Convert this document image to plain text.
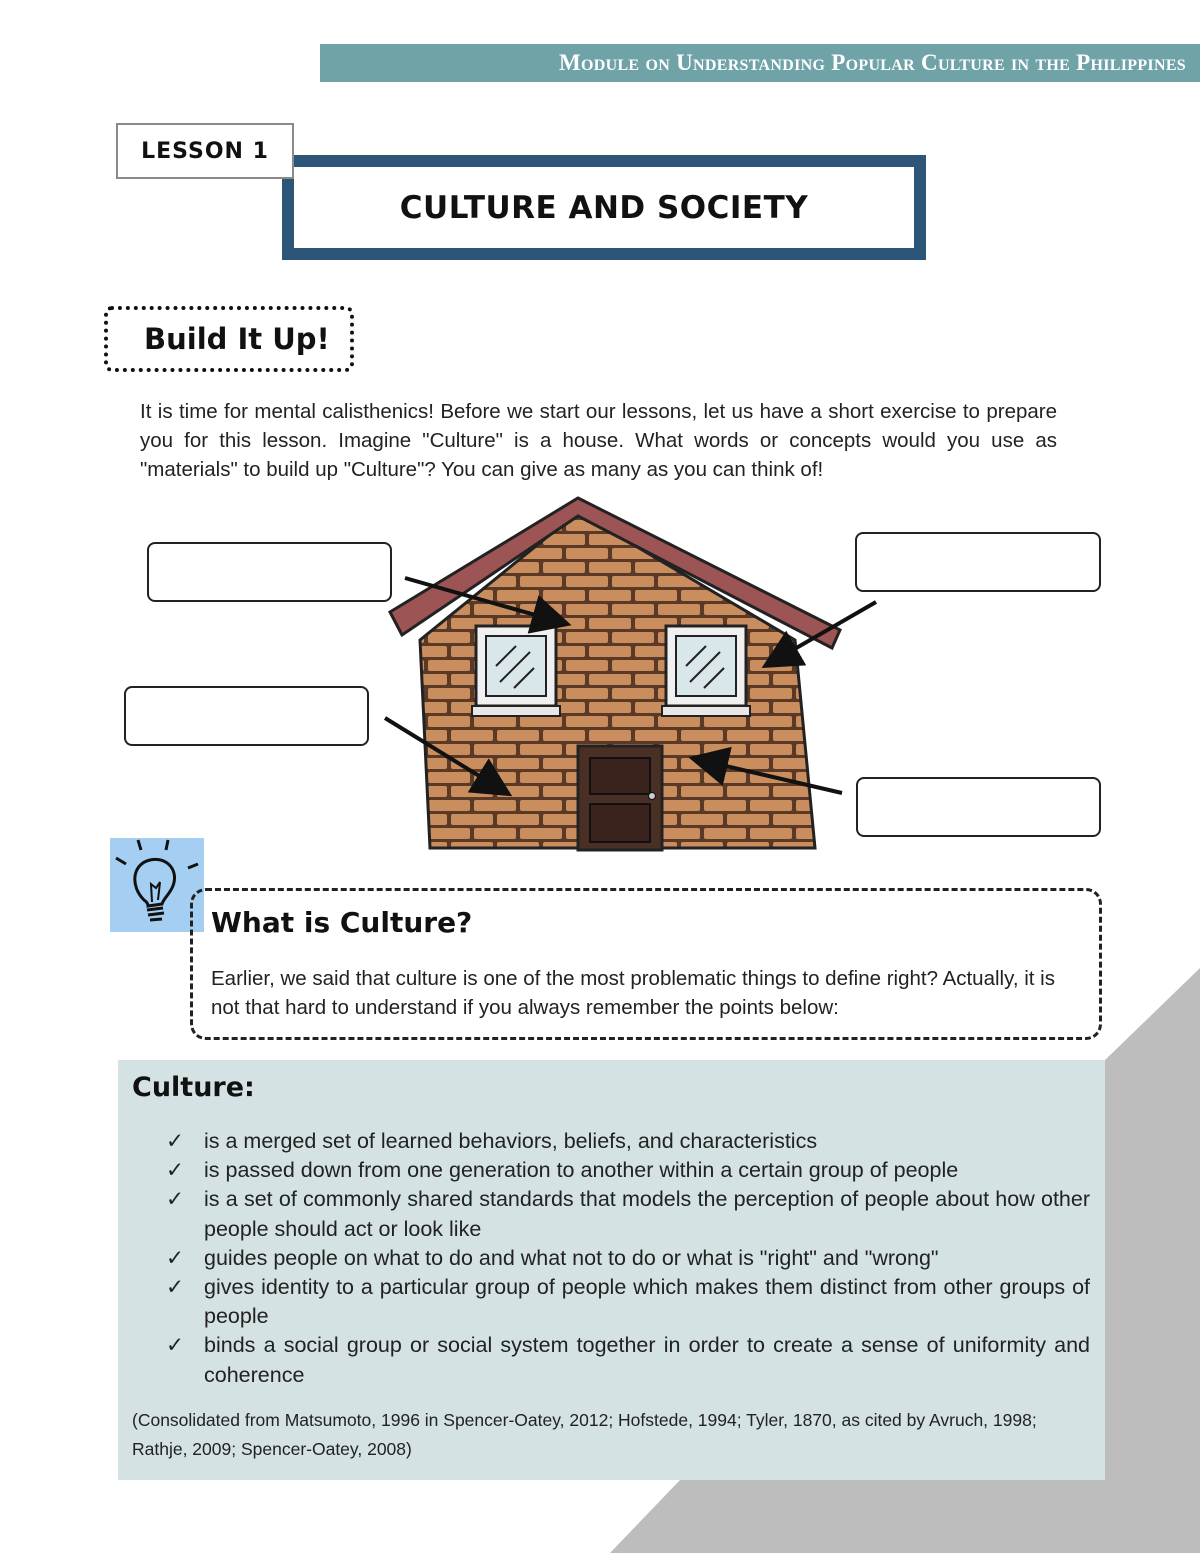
Module on Understanding Popular Culture in the Philippines
CULTURE AND SOCIETY
LESSON 1
Build It Up!
It is time for mental calisthenics! Before we start our lessons, let us have a short exercise to prepare you for this lesson. Imagine "Culture" is a house. What words or concepts would you use as "materials" to build up "Culture"? You can give as many as you can think of!
What is Culture?
Earlier, we said that culture is one of the most problematic things to define right? Actually, it is not that hard to understand if you always remember the points below:
Culture:
✓ is a merged set of learned behaviors, beliefs, and characteristics
✓ is passed down from one generation to another within a certain group of people
✓ is a set of commonly shared standards that models the perception of people about how other people should act or look like
✓ guides people on what to do and what not to do or what is "right" and "wrong"
✓ gives identity to a particular group of people which makes them distinct from other groups of people
✓ binds a social group or social system together in order to create a sense of uniformity and coherence
(Consolidated from Matsumoto, 1996 in Spencer-Oatey, 2012; Hofstede, 1994; Tyler, 1870, as cited by Avruch, 1998; Rathje, 2009; Spencer-Oatey, 2008)
